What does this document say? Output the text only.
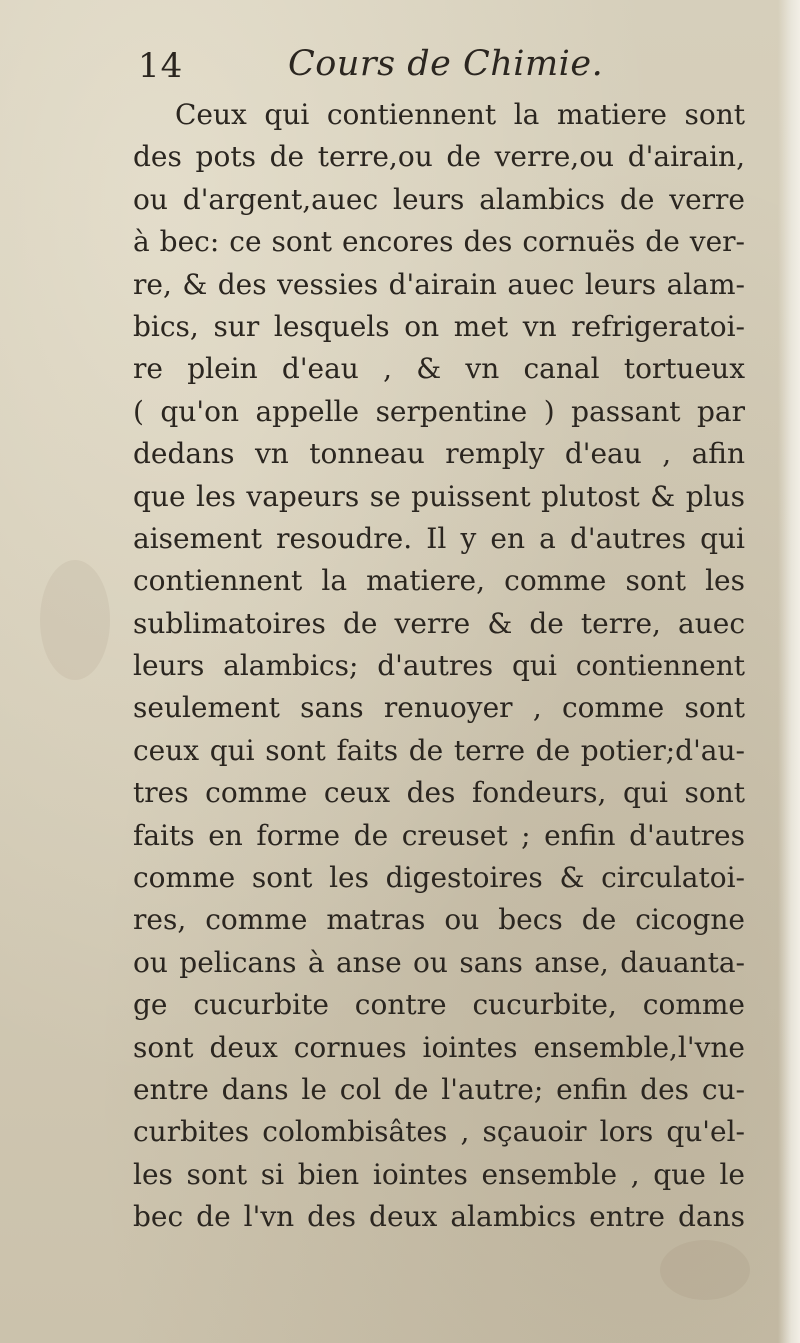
14	Cours de Chimie.
Ceux qui contiennent la matiere sont
des pots de terre,ou de verre,ou d'airain,
ou d'argent,auec leurs alambics de verre
à bec: ce sont encores des cornuës de ver-
re, & des vessies d'airain auec leurs alam-
bics, sur lesquels on met vn refrigeratoi-
re plein d'eau , & vn canal tortueux
( qu'on appelle serpentine ) passant par
dedans vn tonneau remply d'eau , afin
que les vapeurs se puissent plutost & plus
aisement resoudre. Il y en a d'autres qui
contiennent la matiere, comme sont les
sublimatoires de verre & de terre, auec
leurs alambics; d'autres qui contiennent
seulement sans renuoyer , comme sont
ceux qui sont faits de terre de potier;d'au-
tres comme ceux des fondeurs, qui sont
faits en forme de creuset ; enfin d'autres
comme sont les digestoires & circulatoi-
res, comme matras ou becs de cicogne
ou pelicans à anse ou sans anse, dauanta-
ge cucurbite contre cucurbite, comme
sont deux cornues iointes ensemble,l'vne
entre dans le col de l'autre; enfin des cu-
curbites colombisâtes , sçauoir lors qu'el-
les sont si bien iointes ensemble , que le
bec de l'vn des deux alambics entre dans
